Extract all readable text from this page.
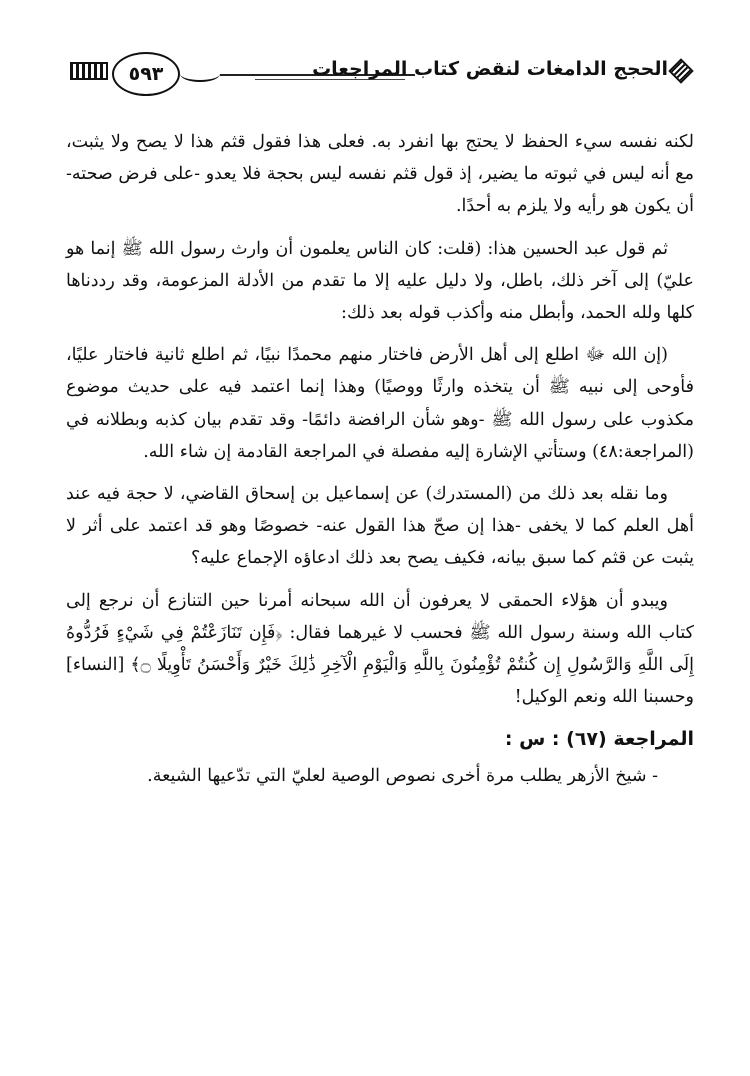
٥٩٣	الحجج الدامغات لنقض كتاب المراجعات

لكنه نفسه سيء الحفظ لا يحتج بها انفرد به. فعلى هذا فقول قثم هذا لا يصح ولا يثبت، مع أنه ليس في ثبوته ما يضير، إذ قول قثم نفسه ليس بحجة فلا يعدو -على فرض صحته- أن يكون هو رأيه ولا يلزم به أحدًا.

ثم قول عبد الحسين هذا: (قلت: كان الناس يعلمون أن وارث رسول الله ﷺ إنما هو عليّ) إلى آخر ذلك، باطل، ولا دليل عليه إلا ما تقدم من الأدلة المزعومة، وقد رددناها كلها ولله الحمد، وأبطل منه وأكذب قوله بعد ذلك:

(إن الله ﷻ اطلع إلى أهل الأرض فاختار منهم محمدًا نبيًا، ثم اطلع ثانية فاختار عليًا، فأوحى إلى نبيه ﷺ أن يتخذه وارثًا ووصيًا) وهذا إنما اعتمد فيه على حديث موضوع مكذوب على رسول الله ﷺ -وهو شأن الرافضة دائمًا- وقد تقدم بيان كذبه وبطلانه في (المراجعة:٤٨) وستأتي الإشارة إليه مفصلة في المراجعة القادمة إن شاء الله.

وما نقله بعد ذلك من (المستدرك) عن إسماعيل بن إسحاق القاضي، لا حجة فيه عند أهل العلم كما لا يخفى -هذا إن صحّ هذا القول عنه- خصوصًا وهو قد اعتمد على أثر لا يثبت عن قثم كما سبق بيانه، فكيف يصح بعد ذلك ادعاؤه الإجماع عليه؟

ويبدو أن هؤلاء الحمقى لا يعرفون أن الله سبحانه أمرنا حين التنازع أن نرجع إلى كتاب الله وسنة رسول الله ﷺ فحسب لا غيرهما فقال: ﴿فَإِن تَنَازَعْتُمْ فِي شَيْءٍ فَرُدُّوهُ إِلَى اللَّهِ وَالرَّسُولِ إِن كُنتُمْ تُؤْمِنُونَ بِاللَّهِ وَالْيَوْمِ الْآخِرِ ذَٰلِكَ خَيْرٌ وَأَحْسَنُ تَأْوِيلًا ۝﴾ [النساء] وحسبنا الله ونعم الوكيل!

المراجعة (٦٧) : س :

- شيخ الأزهر يطلب مرة أخرى نصوص الوصية لعليّ التي تدّعيها الشيعة.
